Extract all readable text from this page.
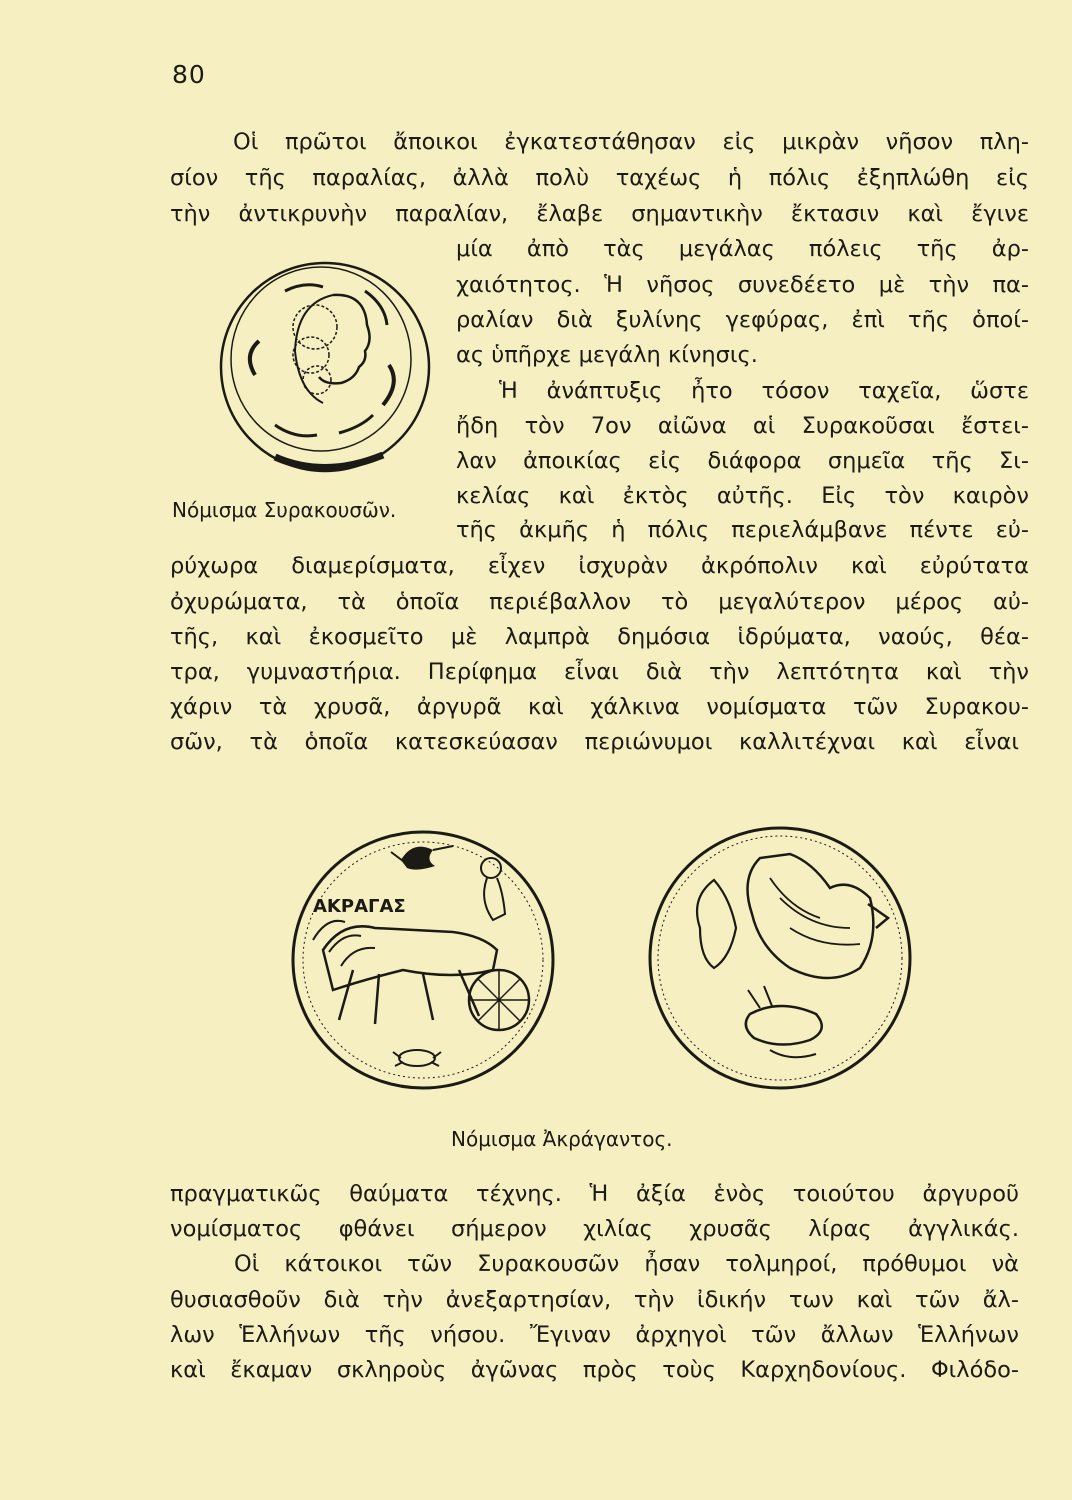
80
Οἱ πρῶτοι ἄποικοι ἐγκατεστάθησαν εἰς μικρὰν νῆσον πλη-
σίον τῆς παραλίας, ἀλλὰ πολὺ ταχέως ἡ πόλις ἐξηπλώθη εἰς
τὴν ἀντικρυνὴν παραλίαν, ἔλαβε σημαντικὴν ἔκτασιν καὶ ἔγινε
μία ἀπὸ τὰς μεγάλας πόλεις τῆς ἀρ-
χαιότητος. Ἡ νῆσος συνεδέετο μὲ τὴν πα-
ραλίαν διὰ ξυλίνης γεφύρας, ἐπὶ τῆς ὁποί-
ας ὑπῆρχε μεγάλη κίνησις.
Ἡ ἀνάπτυξις ἦτο τόσον ταχεῖα, ὥστε
ἤδη τὸν 7ον αἰῶνα αἱ Συρακοῦσαι ἔστει-
λαν ἀποικίας εἰς διάφορα σημεῖα τῆς Σι-
κελίας καὶ ἐκτὸς αὐτῆς. Εἰς τὸν καιρὸν
τῆς ἀκμῆς ἡ πόλις περιελάμβανε πέντε εὐ-
ρύχωρα διαμερίσματα, εἶχεν ἰσχυρὰν ἀκρόπολιν καὶ εὐρύτατα
ὀχυρώματα, τὰ ὁποῖα περιέβαλλον τὸ μεγαλύτερον μέρος αὐ-
τῆς, καὶ ἐκοσμεῖτο μὲ λαμπρὰ δημόσια ἱδρύματα, ναούς, θέα-
τρα, γυμναστήρια. Περίφημα εἶναι διὰ τὴν λεπτότητα καὶ τὴν
χάριν τὰ χρυσᾶ, ἀργυρᾶ καὶ χάλκινα νομίσματα τῶν Συρακου-
σῶν, τὰ ὁποῖα κατεσκεύασαν περιώνυμοι καλλιτέχναι καὶ εἶναι
Νόμισμα Συρακουσῶν.
ΑΚΡΑΓΑΣ
Νόμισμα Ἀκράγαντος.
πραγματικῶς θαύματα τέχνης. Ἡ ἀξία ἑνὸς τοιούτου ἀργυροῦ
νομίσματος φθάνει σήμερον χιλίας χρυσᾶς λίρας ἀγγλικάς.
Οἱ κάτοικοι τῶν Συρακουσῶν ἦσαν τολμηροί, πρόθυμοι νὰ
θυσιασθοῦν διὰ τὴν ἀνεξαρτησίαν, τὴν ἰδικήν των καὶ τῶν ἄλ-
λων Ἑλλήνων τῆς νήσου. Ἔγιναν ἀρχηγοὶ τῶν ἄλλων Ἑλλήνων
καὶ ἔκαμαν σκληροὺς ἀγῶνας πρὸς τοὺς Καρχηδονίους. Φιλόδο-
